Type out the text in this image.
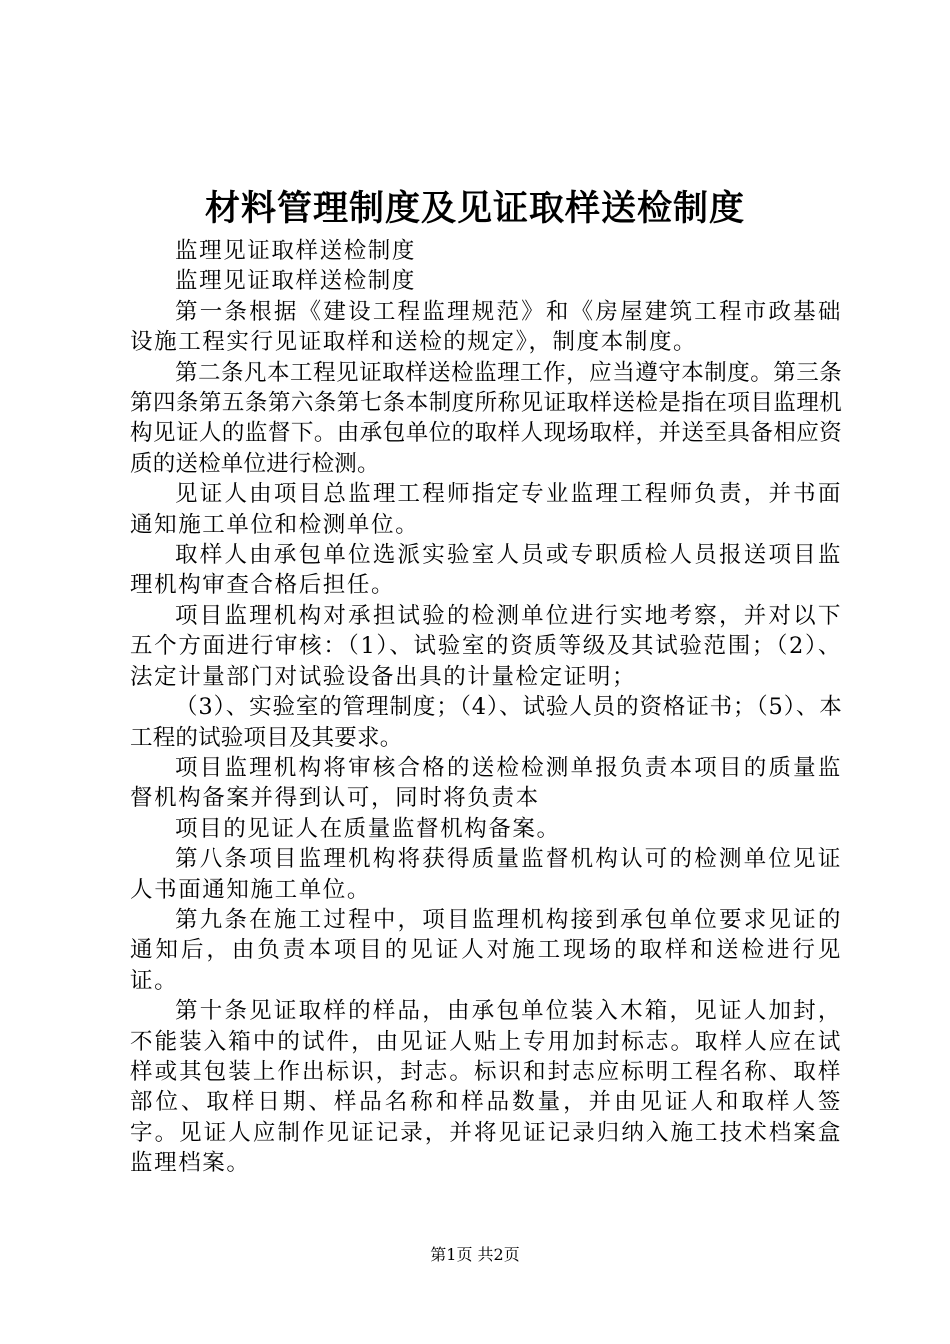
材料管理制度及见证取样送检制度

监理见证取样送检制度

监理见证取样送检制度

第一条根据《建设工程监理规范》和《房屋建筑工程市政基础设施工程实行见证取样和送检的规定》，制度本制度。

第二条凡本工程见证取样送检监理工作，应当遵守本制度。第三条第四条第五条第六条第七条本制度所称见证取样送检是指在项目监理机构见证人的监督下。由承包单位的取样人现场取样，并送至具备相应资质的送检单位进行检测。

见证人由项目总监理工程师指定专业监理工程师负责，并书面通知施工单位和检测单位。

取样人由承包单位选派实验室人员或专职质检人员报送项目监理机构审查合格后担任。

项目监理机构对承担试验的检测单位进行实地考察，并对以下五个方面进行审核：（1）、试验室的资质等级及其试验范围；（2）、法定计量部门对试验设备出具的计量检定证明；

（3）、实验室的管理制度；（4）、试验人员的资格证书；（5）、本工程的试验项目及其要求。

项目监理机构将审核合格的送检检测单报负责本项目的质量监督机构备案并得到认可，同时将负责本

项目的见证人在质量监督机构备案。

第八条项目监理机构将获得质量监督机构认可的检测单位见证人书面通知施工单位。

第九条在施工过程中，项目监理机构接到承包单位要求见证的通知后，由负责本项目的见证人对施工现场的取样和送检进行见证。

第十条见证取样的样品，由承包单位装入木箱，见证人加封，不能装入箱中的试件，由见证人贴上专用加封标志。取样人应在试样或其包装上作出标识，封志。标识和封志应标明工程名称、取样部位、取样日期、样品名称和样品数量，并由见证人和取样人签字。见证人应制作见证记录，并将见证记录归纳入施工技术档案盒监理档案。

第1页 共2页
